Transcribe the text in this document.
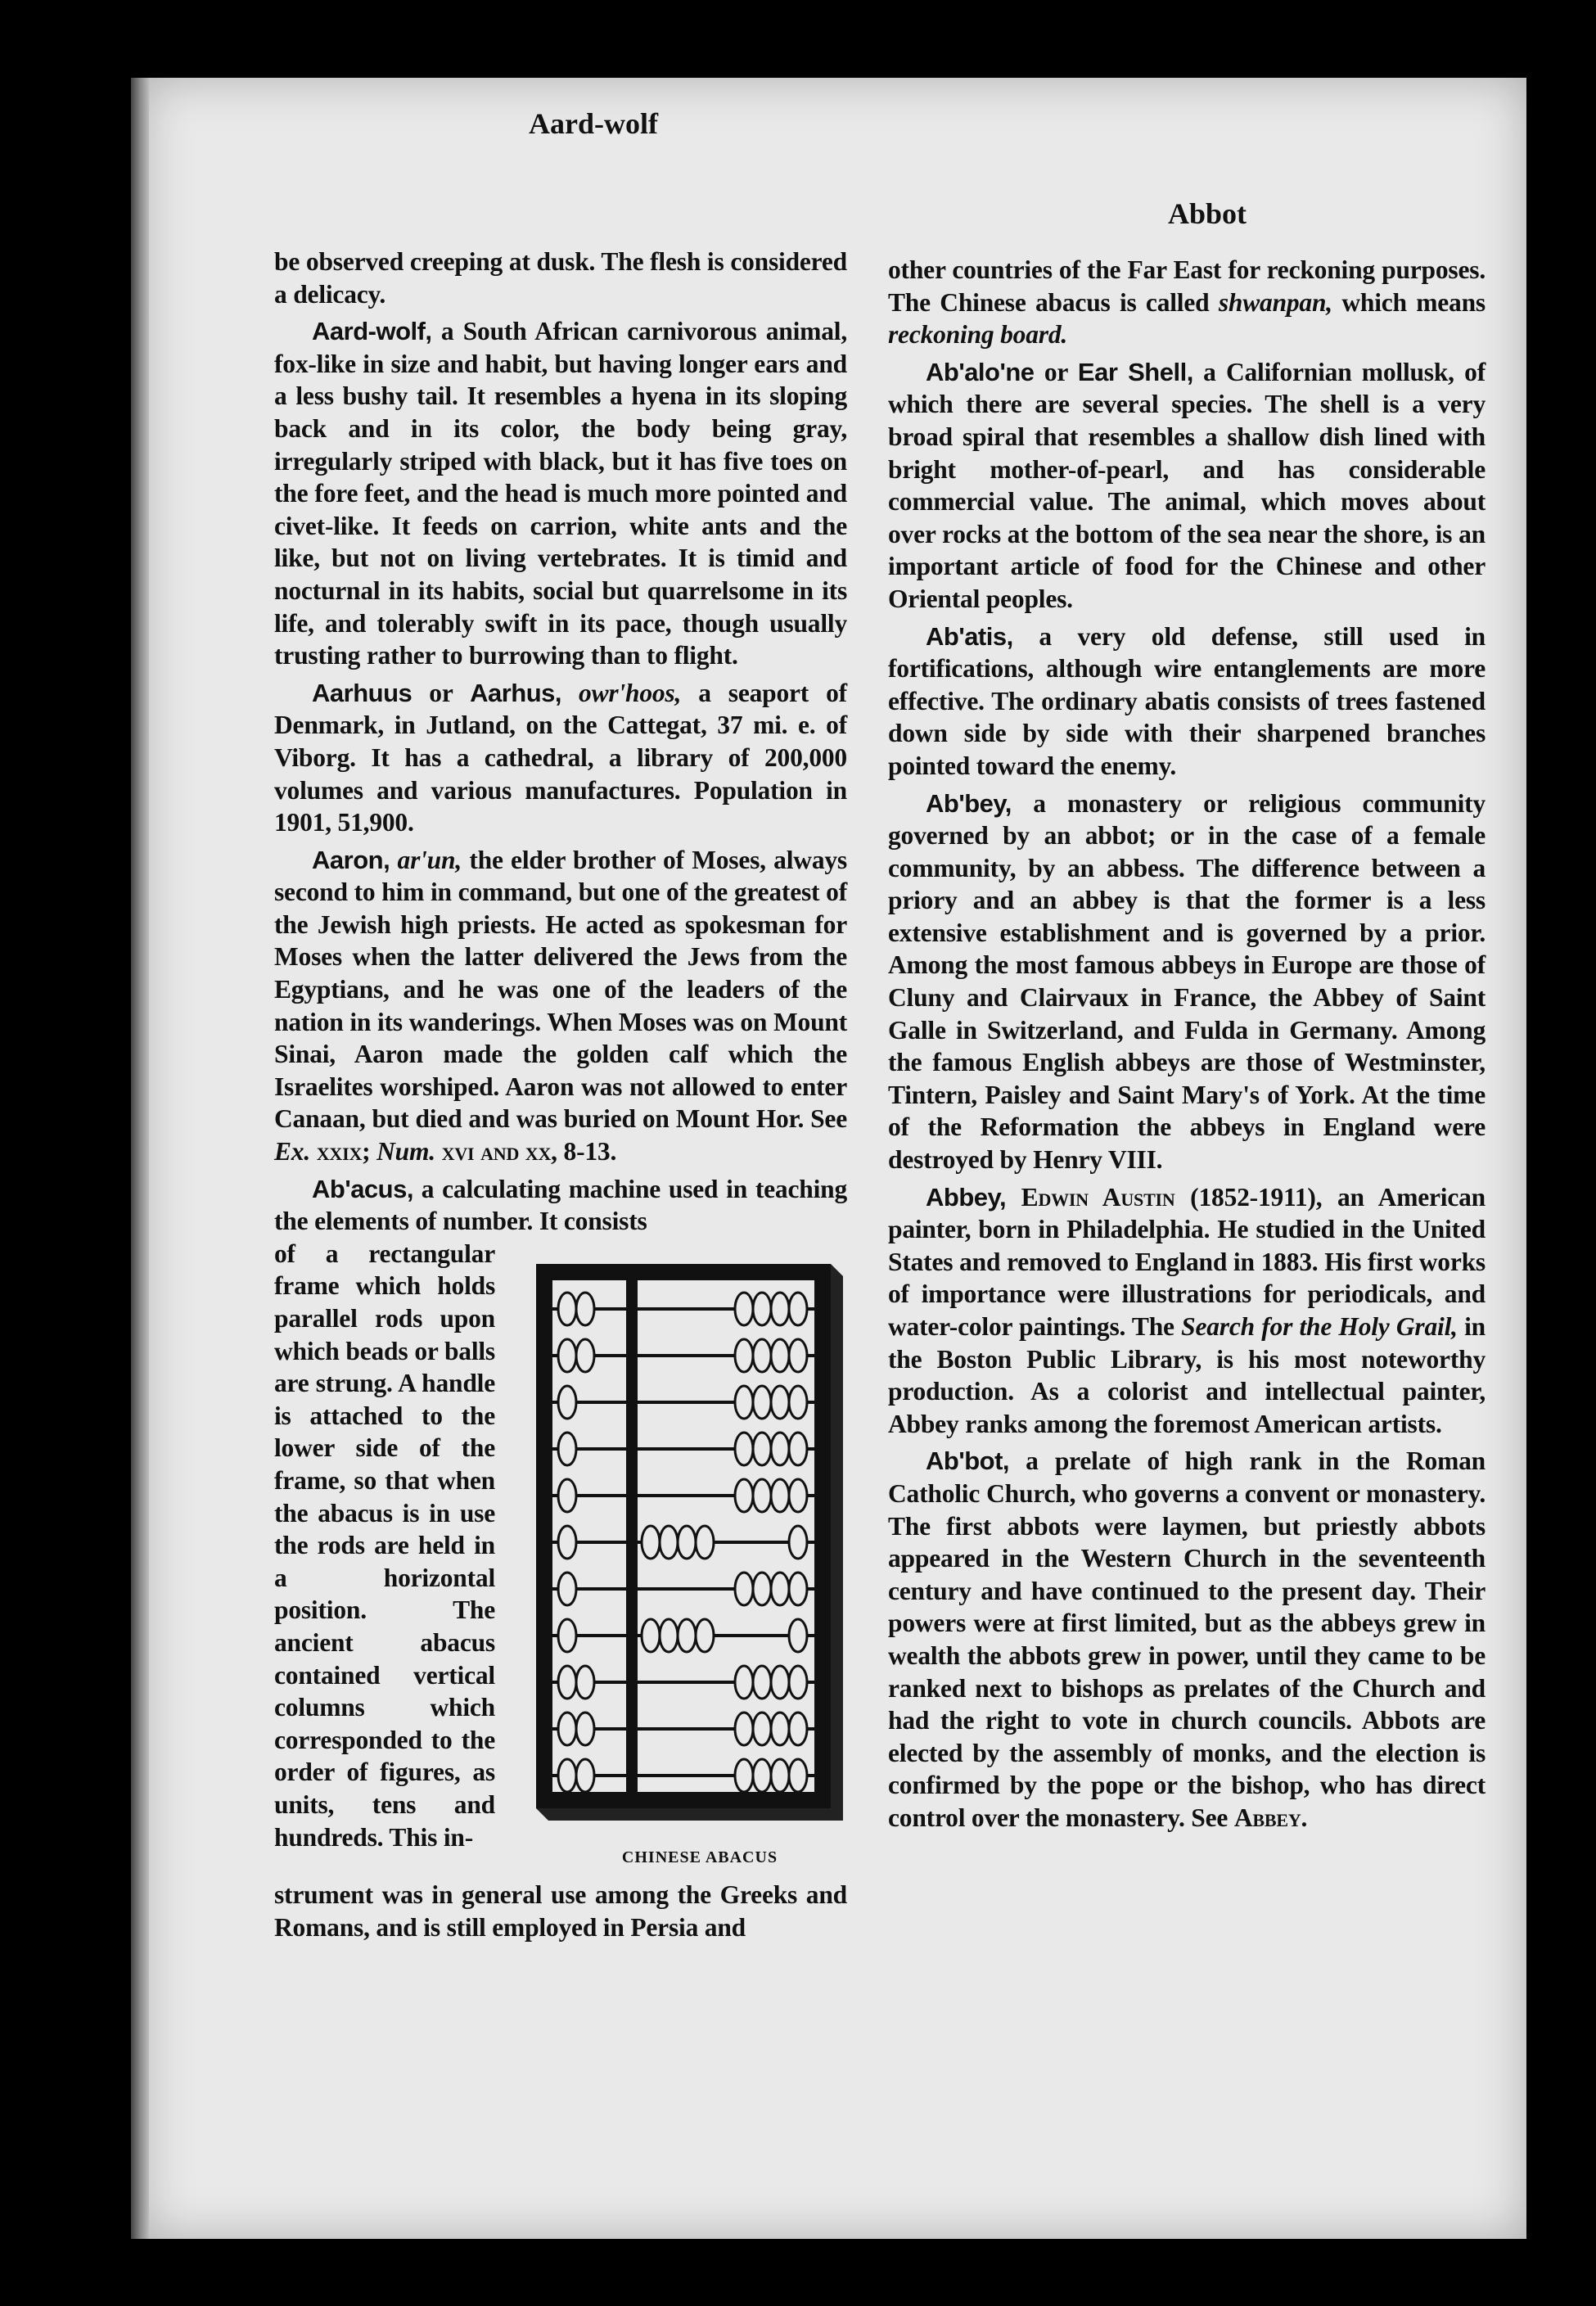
Aard-wolf
Abbot

be observed creeping at dusk. The flesh is considered a delicacy.

Aard-wolf, a South African carnivorous animal, fox-like in size and habit, but having longer ears and a less bushy tail. It resembles a hyena in its sloping back and in its color, the body being gray, irregularly striped with black, but it has five toes on the fore feet, and the head is much more pointed and civet-like. It feeds on carrion, white ants and the like, but not on living vertebrates. It is timid and nocturnal in its habits, social but quarrelsome in its life, and tolerably swift in its pace, though usually trusting rather to burrowing than to flight.

Aarhuus or Aarhus, owr'hoos, a seaport of Denmark, in Jutland, on the Cattegat, 37 mi. e. of Viborg. It has a cathedral, a library of 200,000 volumes and various manufactures. Population in 1901, 51,900.

Aaron, ar'un, the elder brother of Moses, always second to him in command, but one of the greatest of the Jewish high priests. He acted as spokesman for Moses when the latter delivered the Jews from the Egyptians, and he was one of the leaders of the nation in its wanderings. When Moses was on Mount Sinai, Aaron made the golden calf which the Israelites worshiped. Aaron was not allowed to enter Canaan, but died and was buried on Mount Hor. See Ex. xxix; Num. xvi and xx, 8-13.

Ab'acus, a calculating machine used in teaching the elements of number. It consists

CHINESE ABACUS
of a rectangular frame which holds parallel rods upon which beads or balls are strung. A handle is attached to the lower side of the frame, so that when the abacus is in use the rods are held in a horizontal position. The ancient abacus contained vertical columns which corresponded to the order of figures, as units, tens and hundreds. This in-

strument was in general use among the Greeks and Romans, and is still employed in Persia and

other countries of the Far East for reckoning purposes. The Chinese abacus is called shwanpan, which means reckoning board.

Ab'alo'ne or Ear Shell, a Californian mollusk, of which there are several species. The shell is a very broad spiral that resembles a shallow dish lined with bright mother-of-pearl, and has considerable commercial value. The animal, which moves about over rocks at the bottom of the sea near the shore, is an important article of food for the Chinese and other Oriental peoples.

Ab'atis, a very old defense, still used in fortifications, although wire entanglements are more effective. The ordinary abatis consists of trees fastened down side by side with their sharpened branches pointed toward the enemy.

Ab'bey, a monastery or religious community governed by an abbot; or in the case of a female community, by an abbess. The difference between a priory and an abbey is that the former is a less extensive establishment and is governed by a prior. Among the most famous abbeys in Europe are those of Cluny and Clairvaux in France, the Abbey of Saint Galle in Switzerland, and Fulda in Germany. Among the famous English abbeys are those of Westminster, Tintern, Paisley and Saint Mary's of York. At the time of the Reformation the abbeys in England were destroyed by Henry VIII.

Abbey, Edwin Austin (1852-1911), an American painter, born in Philadelphia. He studied in the United States and removed to England in 1883. His first works of importance were illustrations for periodicals, and water-color paintings. The Search for the Holy Grail, in the Boston Public Library, is his most noteworthy production. As a colorist and intellectual painter, Abbey ranks among the foremost American artists.

Ab'bot, a prelate of high rank in the Roman Catholic Church, who governs a convent or monastery. The first abbots were laymen, but priestly abbots appeared in the Western Church in the seventeenth century and have continued to the present day. Their powers were at first limited, but as the abbeys grew in wealth the abbots grew in power, until they came to be ranked next to bishops as prelates of the Church and had the right to vote in church councils. Abbots are elected by the assembly of monks, and the election is confirmed by the pope or the bishop, who has direct control over the monastery. See Abbey.
